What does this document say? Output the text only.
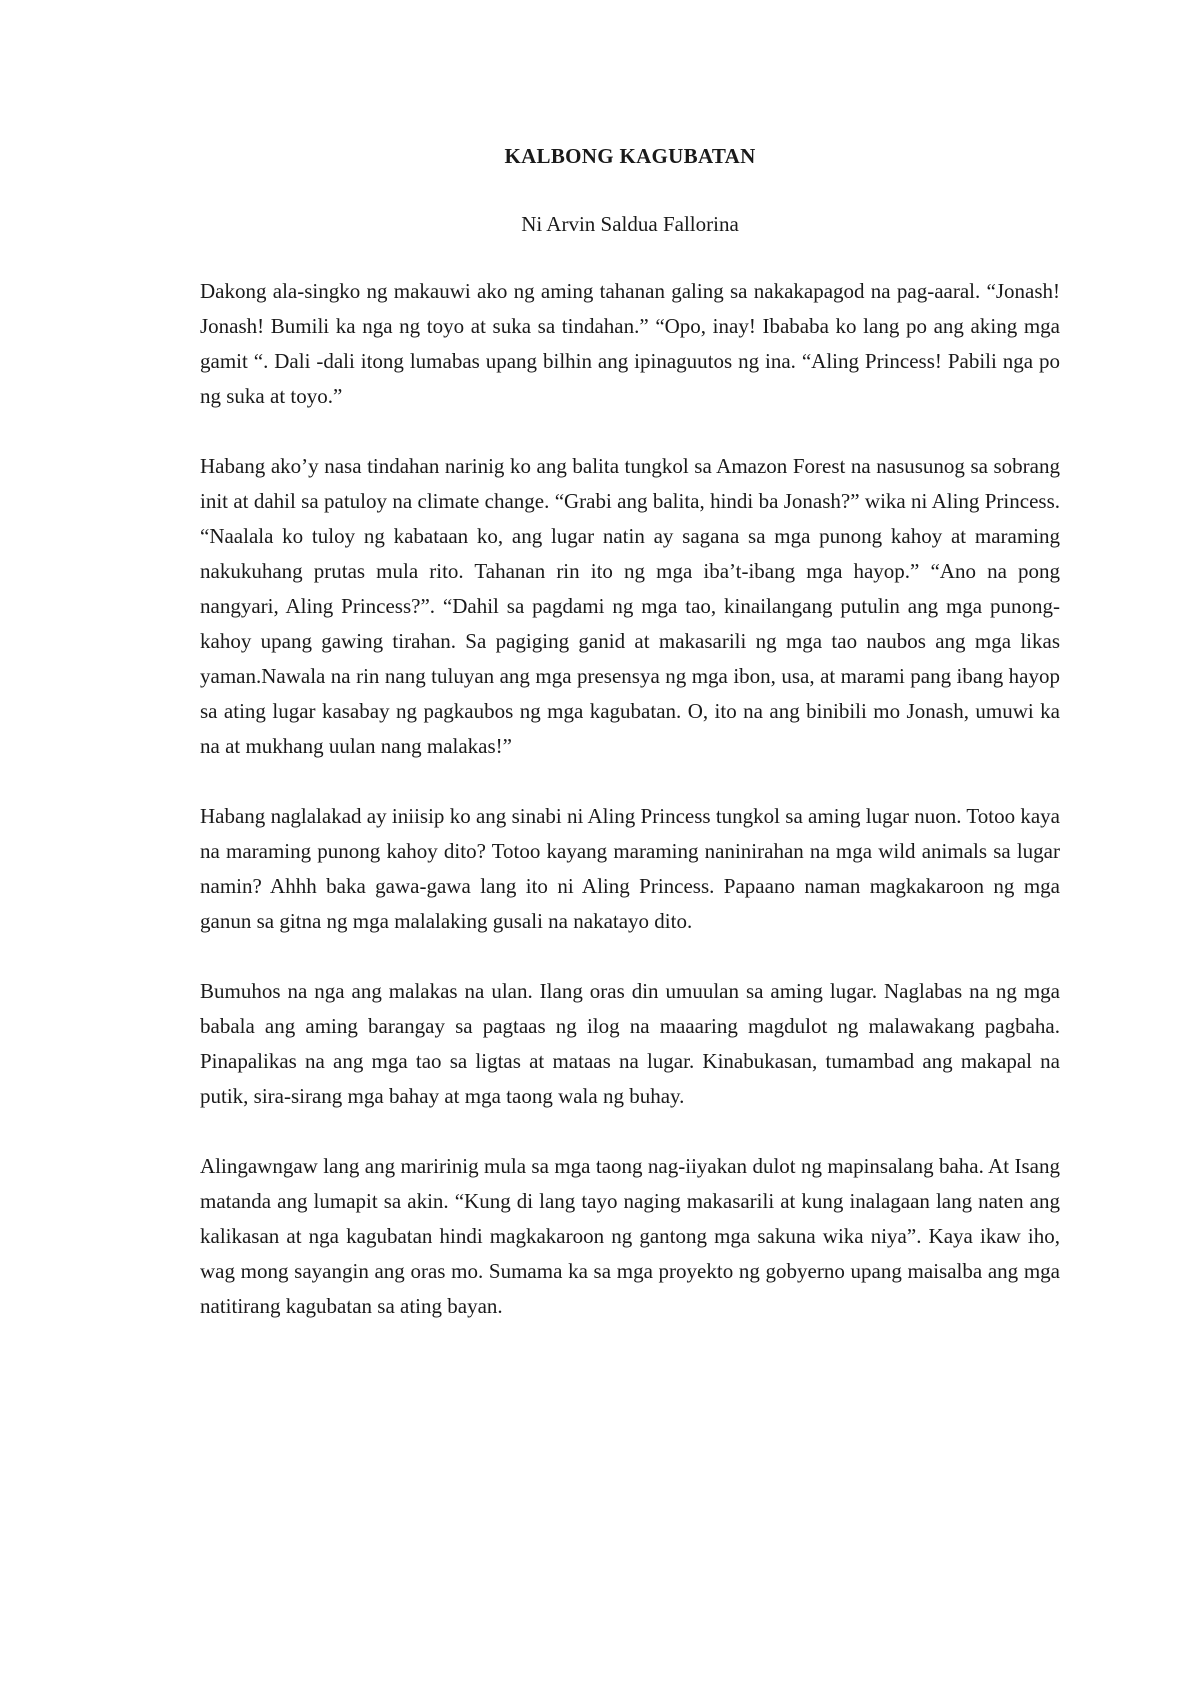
KALBONG KAGUBATAN
Ni Arvin Saldua Fallorina

Dakong ala-singko ng makauwi ako ng aming tahanan galing sa nakakapagod na pag-aaral. “Jonash! Jonash! Bumili ka nga ng toyo at suka sa tindahan.” “Opo, inay! Ibababa ko lang po ang aking mga gamit “. Dali -dali itong lumabas upang bilhin ang ipinaguutos ng ina. “Aling Princess! Pabili nga po ng suka at toyo.”

Habang ako’y nasa tindahan narinig ko ang balita tungkol sa Amazon Forest na nasusunog sa sobrang init at dahil sa patuloy na climate change. “Grabi ang balita, hindi ba Jonash?” wika ni Aling Princess. “Naalala ko tuloy ng kabataan ko, ang lugar natin ay sagana sa mga punong kahoy at maraming nakukuhang prutas mula rito. Tahanan rin ito ng mga iba’t-ibang mga hayop.” “Ano na pong nangyari, Aling Princess?”. “Dahil sa pagdami ng mga tao, kinailangang putulin ang mga punong- kahoy upang gawing tirahan. Sa pagiging ganid at makasarili ng mga tao naubos ang mga likas yaman.Nawala na rin nang tuluyan ang mga presensya ng mga ibon, usa, at marami pang ibang hayop sa ating lugar kasabay ng pagkaubos ng mga kagubatan. O, ito na ang binibili mo Jonash, umuwi ka na at mukhang uulan nang malakas!”

Habang naglalakad ay iniisip ko ang sinabi ni Aling Princess tungkol sa aming lugar nuon. Totoo kaya na maraming punong kahoy dito? Totoo kayang maraming naninirahan na mga wild animals sa lugar namin? Ahhh baka gawa-gawa lang ito ni Aling Princess. Papaano naman magkakaroon ng mga ganun sa gitna ng mga malalaking gusali na nakatayo dito.

Bumuhos na nga ang malakas na ulan. Ilang oras din umuulan sa aming lugar. Naglabas na ng mga babala ang aming barangay sa pagtaas ng ilog na maaaring magdulot ng malawakang pagbaha. Pinapalikas na ang mga tao sa ligtas at mataas na lugar. Kinabukasan, tumambad ang makapal na putik, sira-sirang mga bahay at mga taong wala ng buhay.

Alingawngaw lang ang maririnig mula sa mga taong nag-iiyakan dulot ng mapinsalang baha. At Isang matanda ang lumapit sa akin. “Kung di lang tayo naging makasarili at kung inalagaan lang naten ang kalikasan at nga kagubatan hindi magkakaroon ng gantong mga sakuna wika niya”. Kaya ikaw iho, wag mong sayangin ang oras mo. Sumama ka sa mga proyekto ng gobyerno upang maisalba ang mga natitirang kagubatan sa ating bayan.
